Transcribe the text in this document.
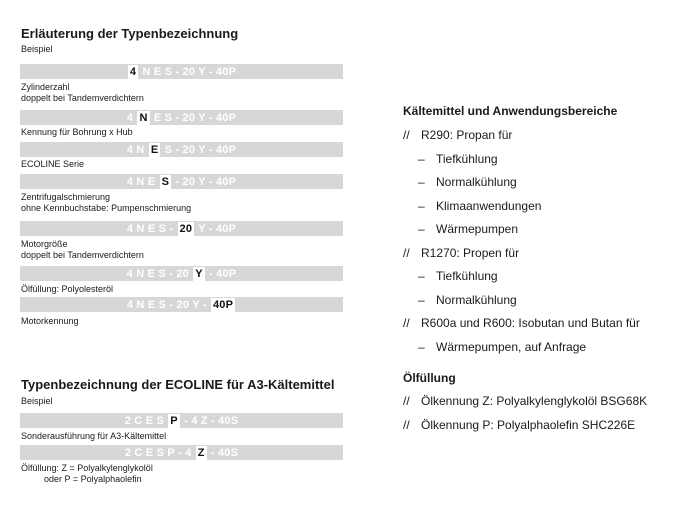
Erläuterung der Typenbezeichnung
Beispiel
4 N E S - 20 Y - 40P
Zylinderzahl
doppelt bei Tandemverdichtern
4 N E S - 20 Y - 40P
Kennung für Bohrung x Hub
4 N E S - 20 Y - 40P
ECOLINE Serie
4 N E S - 20 Y - 40P
Zentrifugalschmierung
ohne Kennbuchstabe: Pumpenschmierung
4 N E S - 20 Y - 40P
Motorgröße
doppelt bei Tandemverdichtern
4 N E S - 20 Y - 40P
Ölfüllung: Polyolesteröl
4 N E S - 20 Y - 40P
Motorkennung
Typenbezeichnung der ECOLINE für A3-Kältemittel
Beispiel
2 C E S P - 4 Z - 40S
Sonderausführung für A3-Kältemittel
2 C E S P - 4 Z - 40S
Ölfüllung: Z = Polyalkylenglykolöl
oder P = Polyalphaolefin
Kältemittel und Anwendungsbereiche
// R290: Propan für
– Tiefkühlung
– Normalkühlung
– Klimaanwendungen
– Wärmepumpen
// R1270: Propen für
– Tiefkühlung
– Normalkühlung
// R600a und R600: Isobutan und Butan für
– Wärmepumpen, auf Anfrage
Ölfüllung
// Ölkennung Z: Polyalkylenglykolöl BSG68K
// Ölkennung P: Polyalphaolefin SHC226E
